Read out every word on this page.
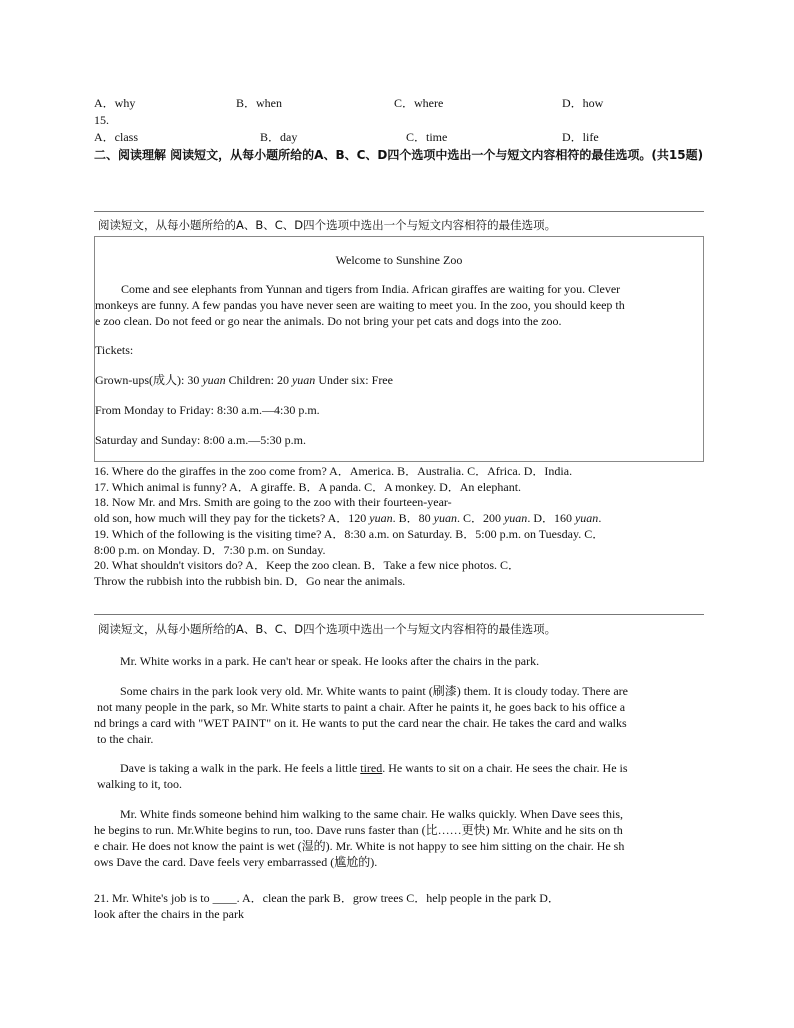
A．why	B．when	C．where	D．how
15.
A．class	B．day	C．time	D．life
二、阅读理解 阅读短文，从每小题所给的A、B、C、D四个选项中选出一个与短文内容相符的最佳选项。(共15题)
阅读短文，从每小题所给的A、B、C、D四个选项中选出一个与短文内容相符的最佳选项。
Welcome to Sunshine Zoo
Come and see elephants from Yunnan and tigers from India. African giraffes are waiting for you. Clever
monkeys are funny. A few pandas you have never seen are waiting to meet you. In the zoo, you should keep th
e zoo clean. Do not feed or go near the animals. Do not bring your pet cats and dogs into the zoo.
Tickets:
Grown-ups(成人): 30 yuan Children: 20 yuan Under six: Free
From Monday to Friday: 8:30 a.m.—4:30 p.m.
Saturday and Sunday: 8:00 a.m.—5:30 p.m.
16. Where do the giraffes in the zoo come from? A．America. B．Australia. C．Africa. D．India.
17. Which animal is funny? A．A giraffe. B．A panda. C．A monkey. D．An elephant.
18. Now Mr. and Mrs. Smith are going to the zoo with their fourteen-year-
old son, how much will they pay for the tickets? A．120 yuan. B．80 yuan. C．200 yuan. D．160 yuan.
19. Which of the following is the visiting time? A．8:30 a.m. on Saturday. B．5:00 p.m. on Tuesday. C．
8:00 p.m. on Monday. D．7:30 p.m. on Sunday.
20. What shouldn't visitors do? A．Keep the zoo clean. B．Take a few nice photos. C．
Throw the rubbish into the rubbish bin. D．Go near the animals.
阅读短文，从每小题所给的A、B、C、D四个选项中选出一个与短文内容相符的最佳选项。
Mr. White works in a park. He can't hear or speak. He looks after the chairs in the park.
Some chairs in the park look very old. Mr. White wants to paint (刷漆) them. It is cloudy today. There are
not many people in the park, so Mr. White starts to paint a chair. After he paints it, he goes back to his office a
nd brings a card with "WET PAINT" on it. He wants to put the card near the chair. He takes the card and walks
to the chair.
Dave is taking a walk in the park. He feels a little tired. He wants to sit on a chair. He sees the chair. He is
walking to it, too.
Mr. White finds someone behind him walking to the same chair. He walks quickly. When Dave sees this,
he begins to run. Mr.White begins to run, too. Dave runs faster than (比……更快) Mr. White and he sits on th
e chair. He does not know the paint is wet (湿的). Mr. White is not happy to see him sitting on the chair. He sh
ows Dave the card. Dave feels very embarrassed (尴尬的).
21. Mr. White's job is to ____. A．clean the park B．grow trees C．help people in the park D．
look after the chairs in the park
